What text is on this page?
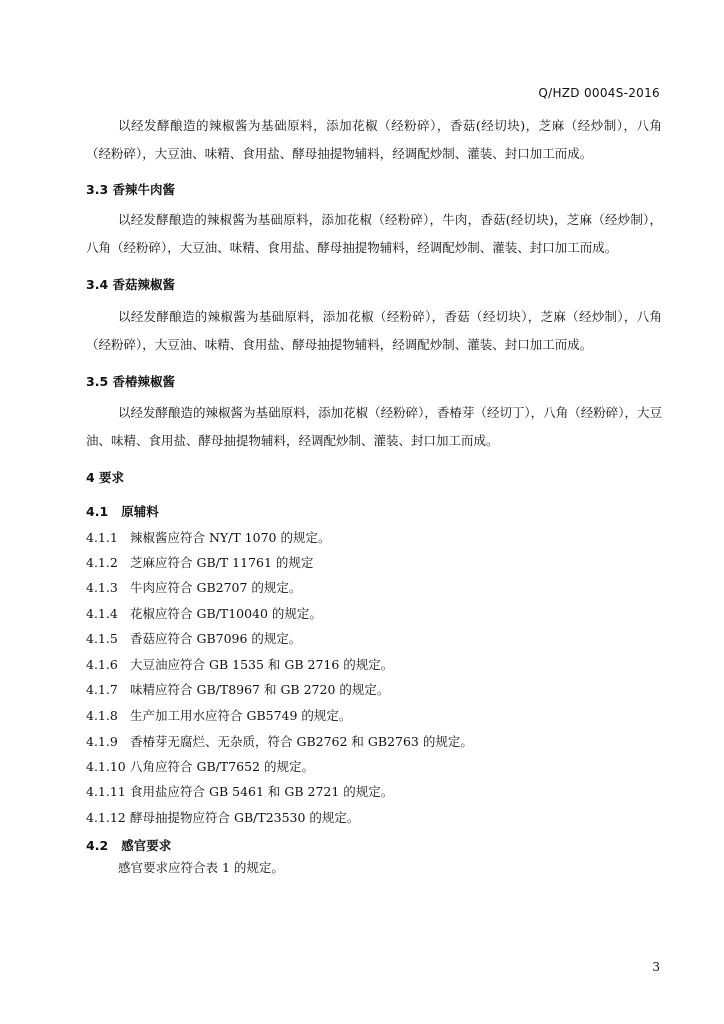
Q/HZD 0004S-2016

以经发酵酿造的辣椒酱为基础原料，添加花椒（经粉碎），香菇(经切块)，芝麻（经炒制），八角（经粉碎），大豆油、味精、食用盐、酵母抽提物辅料，经调配炒制、灌装、封口加工而成。

3.3 香辣牛肉酱

以经发酵酿造的辣椒酱为基础原料，添加花椒（经粉碎），牛肉，香菇(经切块)，芝麻（经炒制），八角（经粉碎），大豆油、味精、食用盐、酵母抽提物辅料，经调配炒制、灌装、封口加工而成。

3.4 香菇辣椒酱

以经发酵酿造的辣椒酱为基础原料，添加花椒（经粉碎），香菇（经切块），芝麻（经炒制），八角（经粉碎），大豆油、味精、食用盐、酵母抽提物辅料，经调配炒制、灌装、封口加工而成。

3.5 香椿辣椒酱

以经发酵酿造的辣椒酱为基础原料，添加花椒（经粉碎），香椿芽（经切丁），八角（经粉碎），大豆油、味精、食用盐、酵母抽提物辅料，经调配炒制、灌装、封口加工而成。

4 要求
4.1   原辅料
4.1.1 辣椒酱应符合 NY/T 1070 的规定。
4.1.2 芝麻应符合 GB/T 11761 的规定
4.1.3 牛肉应符合 GB2707 的规定。
4.1.4 花椒应符合 GB/T10040 的规定。
4.1.5 香菇应符合 GB7096 的规定。
4.1.6 大豆油应符合 GB 1535 和 GB 2716 的规定。
4.1.7 味精应符合 GB/T8967 和 GB 2720 的规定。
4.1.8 生产加工用水应符合 GB5749 的规定。
4.1.9 香椿芽无腐烂、无杂质，符合 GB2762 和 GB2763 的规定。
4.1.10 八角应符合 GB/T7652 的规定。
4.1.11 食用盐应符合 GB 5461 和 GB 2721 的规定。
4.1.12 酵母抽提物应符合 GB/T23530 的规定。
4.2   感官要求
感官要求应符合表 1 的规定。
3
